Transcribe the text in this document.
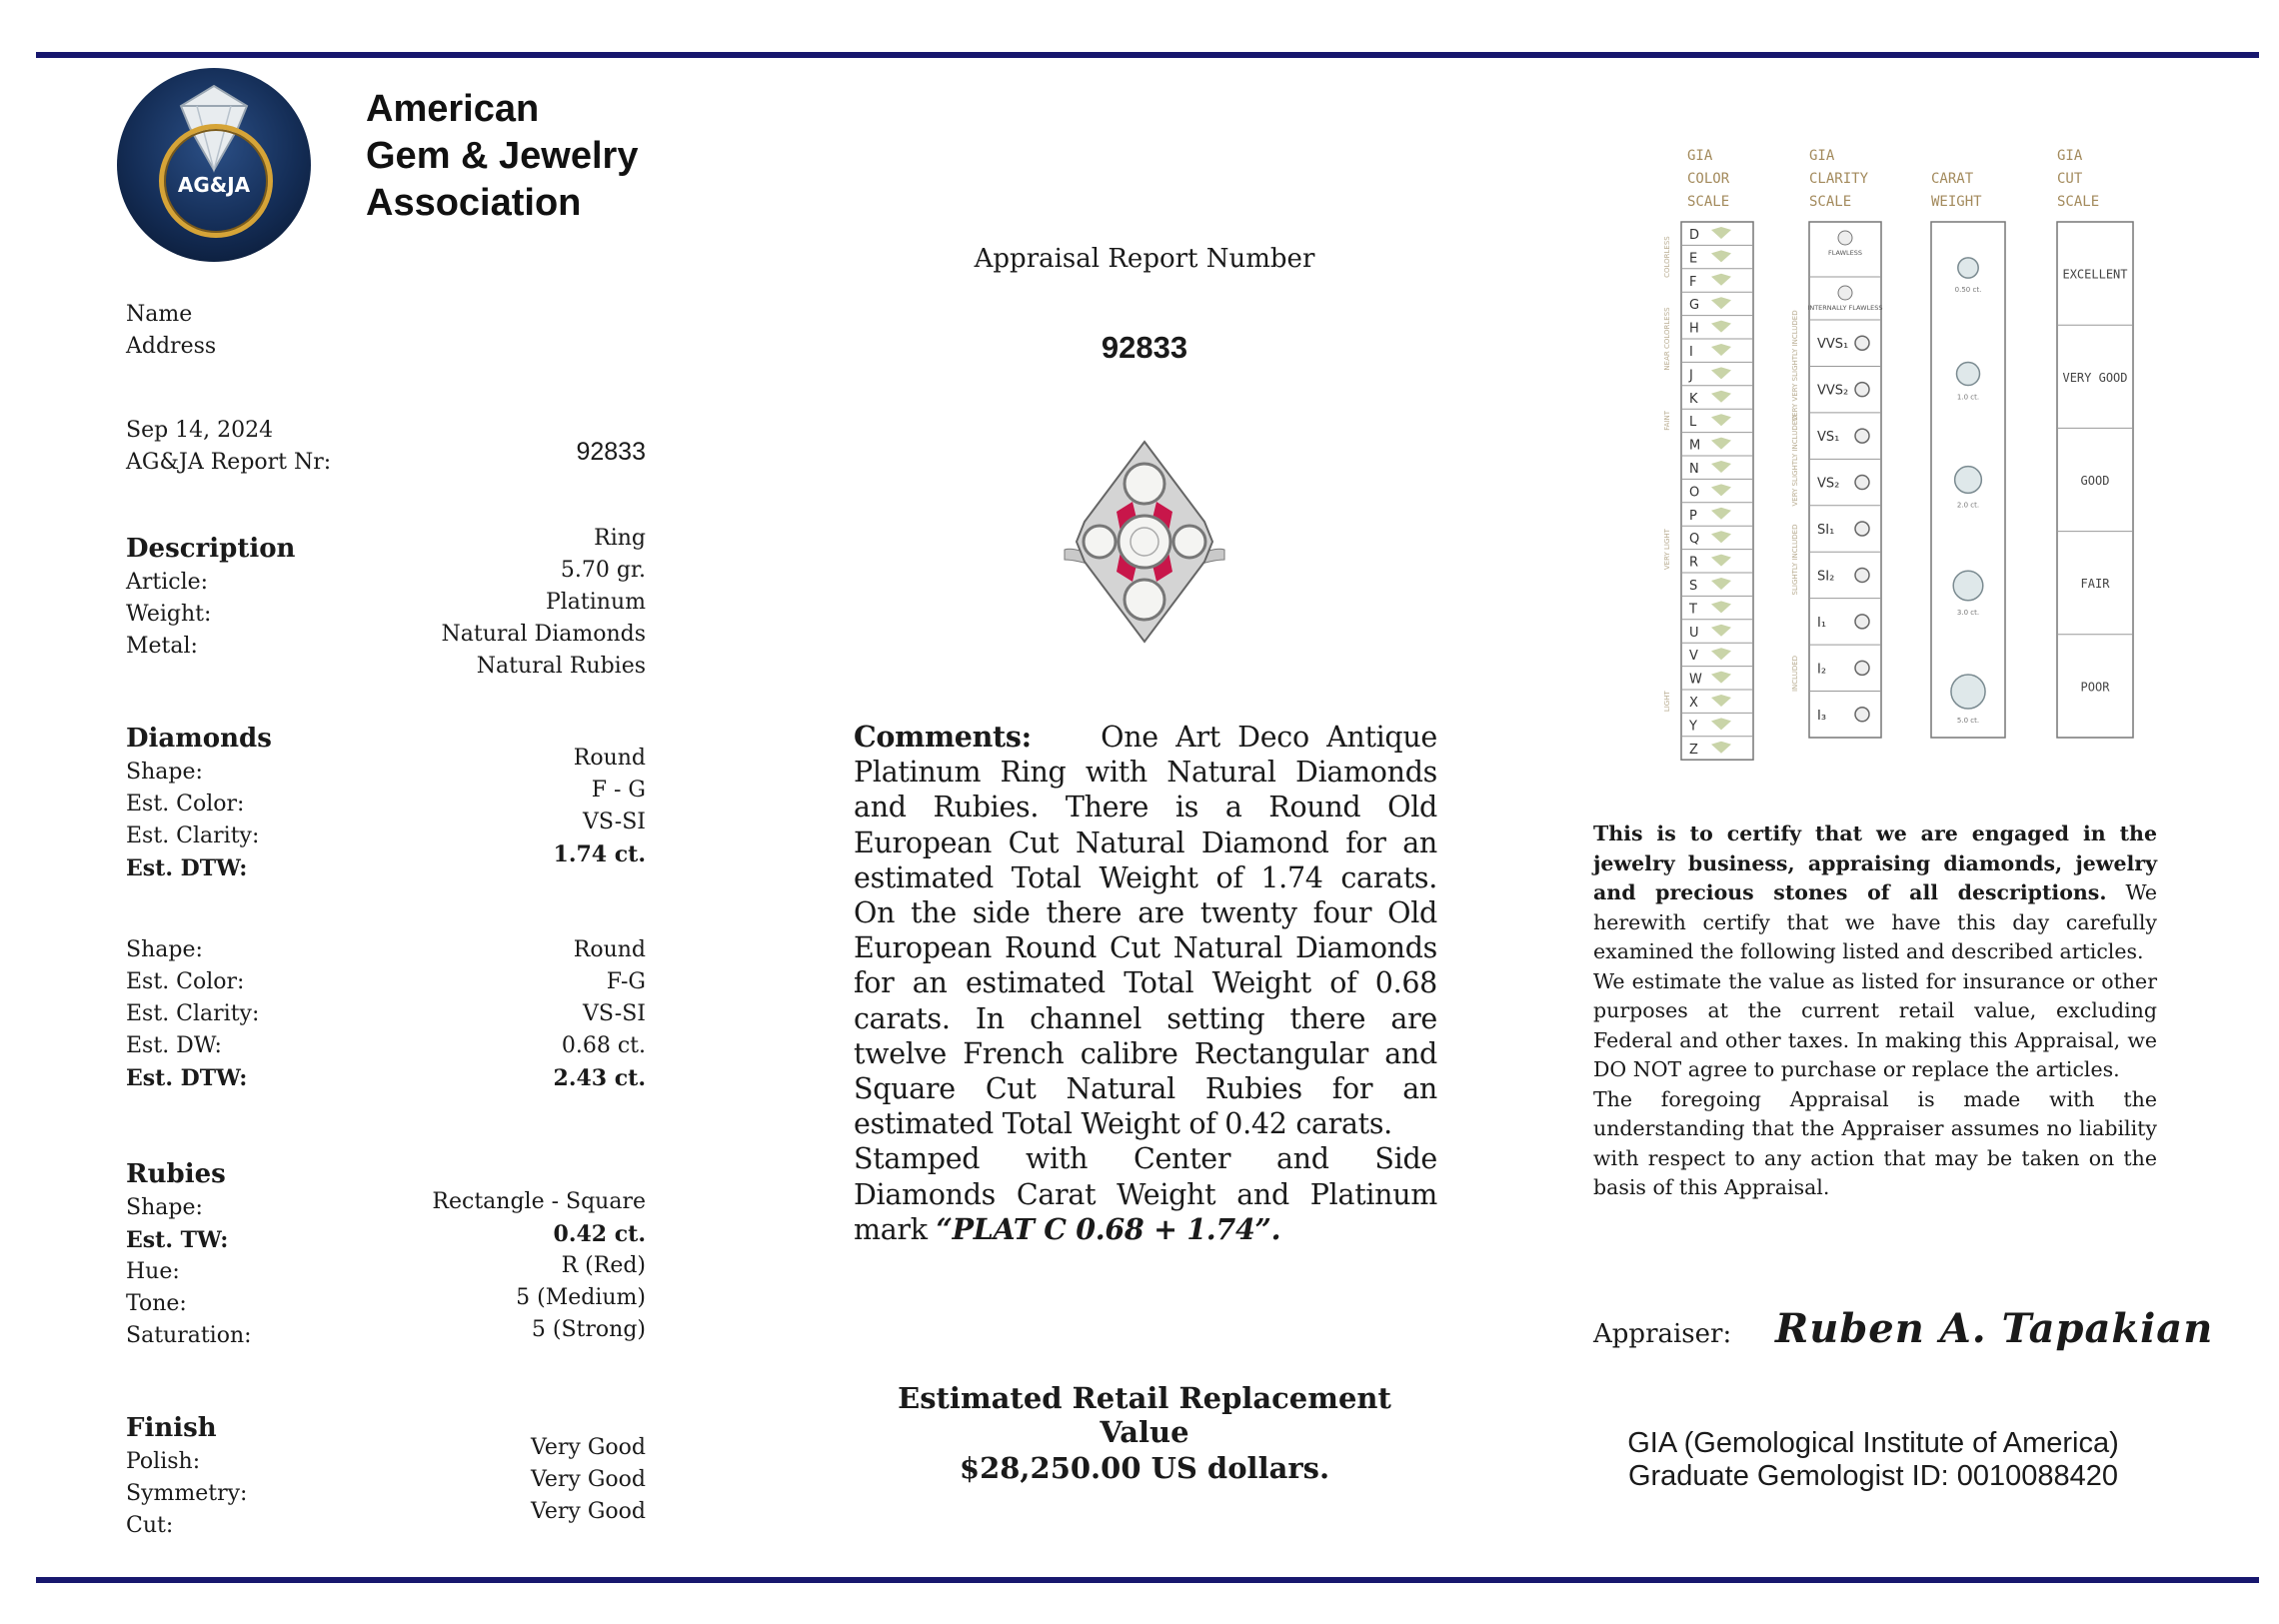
AG&JA
American
Gem & Jewelry
Association
Name
Address
Sep 14, 2024
AG&JA Report Nr:	92833
Description
Article:
Weight:
Metal:
Ring
5.70 gr.
Platinum
Natural Diamonds
Natural Rubies
Diamonds
Shape:
Est. Color:
Est. Clarity:
Est. DTW:
Round
F - G
VS-SI
1.74 ct.
Shape:
Est. Color:
Est. Clarity:
Est. DW:
Est. DTW:
Round
F-G
VS-SI
0.68 ct.
2.43 ct.
Rubies
Shape:
Est. TW:
Hue:
Tone:
Saturation:
Rectangle - Square
0.42 ct.
R (Red)
5 (Medium)
5 (Strong)
Finish
Polish:
Symmetry:
Cut:
Very Good
Very Good
Very Good
Appraisal Report Number
92833
Comments: One Art Deco Antique Platinum Ring with Natural Diamonds and Rubies. There is a Round Old European Cut Natural Diamond for an estimated Total Weight of 1.74 carats. On the side there are twenty four Old European Round Cut Natural Diamonds for an estimated Total Weight of 0.68 carats. In channel setting there are twelve French calibre Rectangular and Square Cut Natural Rubies for an estimated Total Weight of 0.42 carats.
Stamped with Center and Side Diamonds Carat Weight and Platinum mark “PLAT C 0.68 + 1.74”.
Estimated Retail Replacement Value
$28,250.00 US dollars.
GIA
COLOR
SCALE
GIA
CLARITY
SCALE
CARAT
WEIGHT
GIA
CUT
SCALE
D
E
F
G
H
I
J
K
L
M
N
O
P
Q
R
S
T
U
V
W
X
Y
Z
COLORLESS
NEAR COLORLESS
FAINT
VERY LIGHT
LIGHT
FLAWLESS
INTERNALLY FLAWLESS
VVS₁
VVS₂
VS₁
VS₂
SI₁
SI₂
I₁
I₂
I₃
VERY VERY SLIGHTLY INCLUDED
VERY SLIGHTLY INCLUDED
SLIGHTLY INCLUDED
INCLUDED
0.50 ct.
1.0 ct.
2.0 ct.
3.0 ct.
5.0 ct.
EXCELLENT
VERY GOOD
GOOD
FAIR
POOR

This is to certify that we are engaged in the jewelry business, appraising diamonds, jewelry and precious stones of all descriptions. We herewith certify that we have this day carefully examined the following listed and described articles.

We estimate the value as listed for insurance or other purposes at the current retail value, excluding Federal and other taxes. In making this Appraisal, we DO NOT agree to purchase or replace the articles.

The foregoing Appraisal is made with the understanding that the Appraiser assumes no liability with respect to any action that may be taken on the basis of this Appraisal.

Appraiser: Ruben A. Tapakian
GIA (Gemological Institute of America)
Graduate Gemologist ID: 0010088420
